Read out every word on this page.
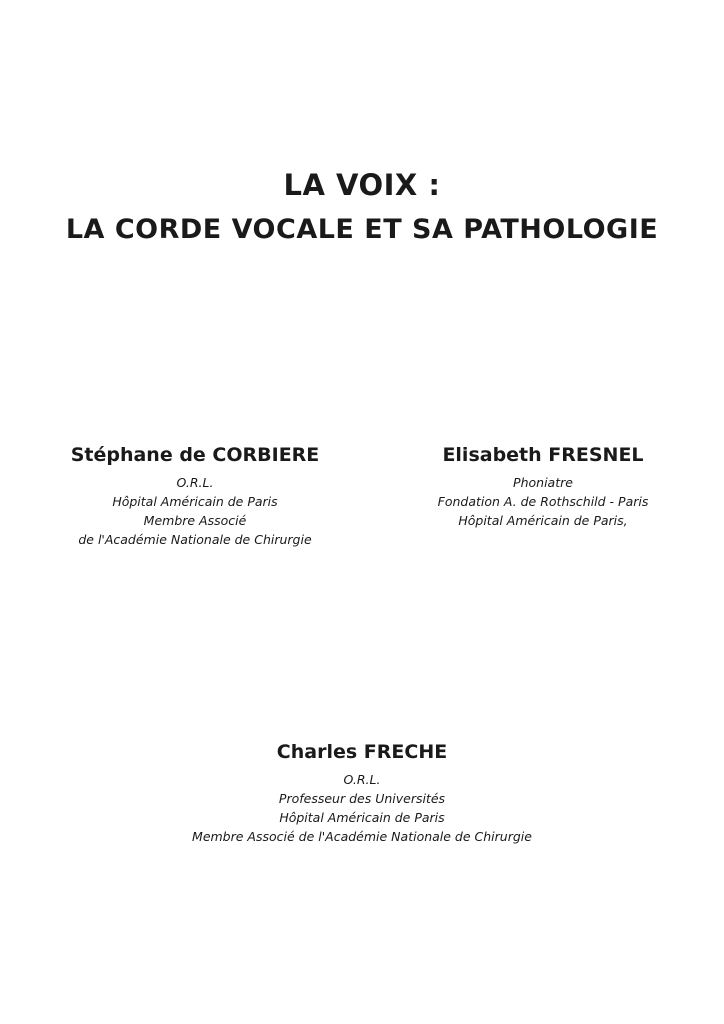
LA VOIX :
LA CORDE VOCALE ET SA PATHOLOGIE
Stéphane de CORBIERE
O.R.L.
Hôpital Américain de Paris
Membre Associé
de l'Académie Nationale de Chirurgie
Elisabeth FRESNEL
Phoniatre
Fondation A. de Rothschild - Paris
Hôpital Américain de Paris,
Charles FRECHE
O.R.L.
Professeur des Universités
Hôpital Américain de Paris
Membre Associé de l'Académie Nationale de Chirurgie
